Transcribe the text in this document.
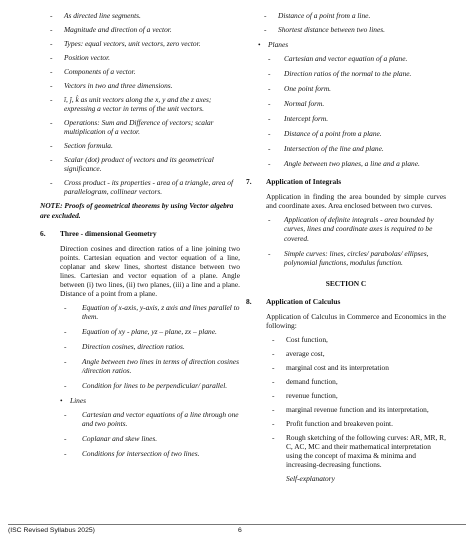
- As directed line segments.
- Magnitude and direction of a vector.
- Types: equal vectors, unit vectors, zero vector.
- Position vector.
- Components of a vector.
- Vectors in two and three dimensions.
- î, ĵ, k̂ as unit vectors along the x, y and the z axes; expressing a vector in terms of the unit vectors.
- Operations: Sum and Difference of vectors; scalar multiplication of a vector.
- Section formula.
- Scalar (dot) product of vectors and its geometrical significance.
- Cross product - its properties - area of a triangle, area of parallelogram, collinear vectors.
NOTE: Proofs of geometrical theorems by using Vector algebra are excluded.
6.	Three - dimensional Geometry
Direction cosines and direction ratios of a line joining two points. Cartesian equation and vector equation of a line, coplanar and skew lines, shortest distance between two lines. Cartesian and vector equation of a plane. Angle between (i) two lines, (ii) two planes, (iii) a line and a plane. Distance of a point from a plane.
- Equation of x-axis, y-axis, z axis and lines parallel to them.
- Equation of xy - plane, yz – plane, zx – plane.
- Direction cosines, direction ratios.
- Angle between two lines in terms of direction cosines /direction ratios.
- Condition for lines to be perpendicular/ parallel.
• Lines
- Cartesian and vector equations of a line through one and two points.
- Coplanar and skew lines.
- Conditions for intersection of two lines.
- Distance of a point from a line.
- Shortest distance between two lines.
• Planes
- Cartesian and vector equation of a plane.
- Direction ratios of the normal to the plane.
- One point form.
- Normal form.
- Intercept form.
- Distance of a point from a plane.
- Intersection of the line and plane.
- Angle between two planes, a line and a plane.
7.	Application of Integrals
Application in finding the area bounded by simple curves and coordinate axes. Area enclosed between two curves.
- Application of definite integrals - area bounded by curves, lines and coordinate axes is required to be covered.
- Simple curves: lines, circles/ parabolas/ ellipses, polynomial functions, modulus function.
SECTION C
8.	Application of Calculus
Application of Calculus in Commerce and Economics in the following:
- Cost function,
- average cost,
- marginal cost and its interpretation
- demand function,
- revenue function,
- marginal revenue function and its interpretation,
- Profit function and breakeven point.
- Rough sketching of the following curves: AR, MR, R, C, AC, MC and their mathematical interpretation using the concept of maxima & minima and increasing-decreasing functions.
Self-explanatory
(ISC Revised Syllabus 2025)	6
